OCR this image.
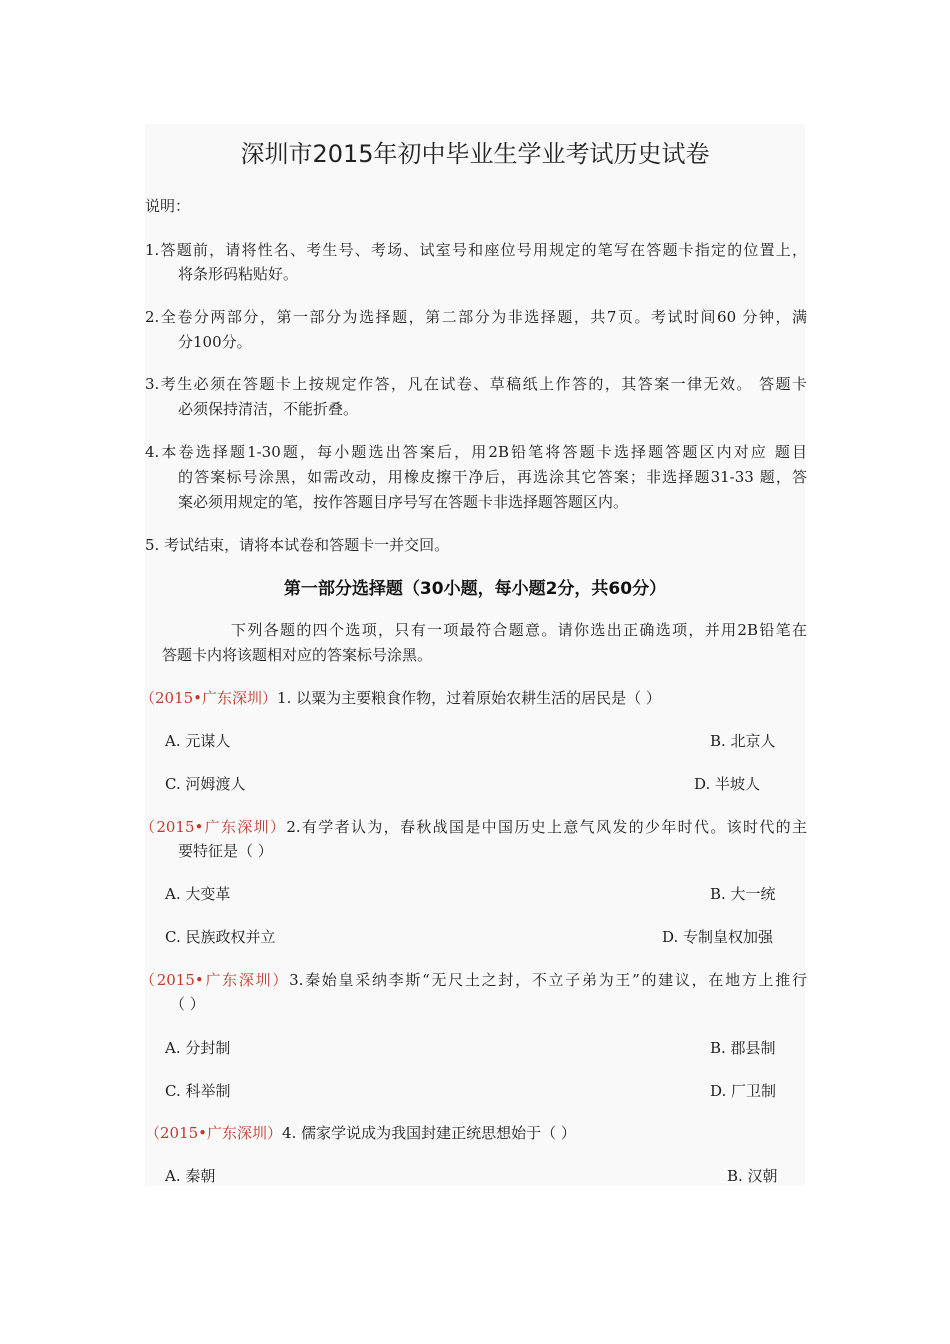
深圳市2015年初中毕业生学业考试历史试卷
说明：
1.答题前，请将性名、考生号、考场、试室号和座位号用规定的笔写在答题卡指定的位置上，
将条形码粘贴好。
2.全卷分两部分，第一部分为选择题，第二部分为非选择题，共7页。考试时间60 分钟，满
分100分。
3.考生必须在答题卡上按规定作答，凡在试卷、草稿纸上作答的，其答案一律无效。 答题卡
必须保持清洁，不能折叠。
4.本卷选择题1-30题，每小题选出答案后，用2B铅笔将答题卡选择题答题区内对应 题目
的答案标号涂黑，如需改动，用橡皮擦干净后，再选涂其它答案；非选择题31-33 题，答
案必须用规定的笔，按作答题目序号写在答题卡非选择题答题区内。
5. 考试结束，请将本试卷和答题卡一并交回。
第一部分选择题（30小题，每小题2分，共60分）
下列各题的四个选项，只有一项最符合题意。请你选出正确选项，并用2B铅笔在
答题卡内将该题相对应的答案标号涂黑。
（2015•广东深圳）1. 以粟为主要粮食作物，过着原始农耕生活的居民是（ ）
A. 元谋人	B. 北京人
C. 河姆渡人	D. 半坡人
（2015•广东深圳）2.有学者认为，春秋战国是中国历史上意气风发的少年时代。该时代的主
要特征是（ ）
A. 大变革	B. 大一统
C. 民族政权并立	D. 专制皇权加强
（2015•广东深圳）3.秦始皇采纳李斯“无尺土之封，不立子弟为王”的建议，在地方上推行
（ ）
A. 分封制	B. 郡县制
C. 科举制	D. 厂卫制
（2015•广东深圳）4. 儒家学说成为我国封建正统思想始于（ ）
A. 秦朝	B. 汉朝
